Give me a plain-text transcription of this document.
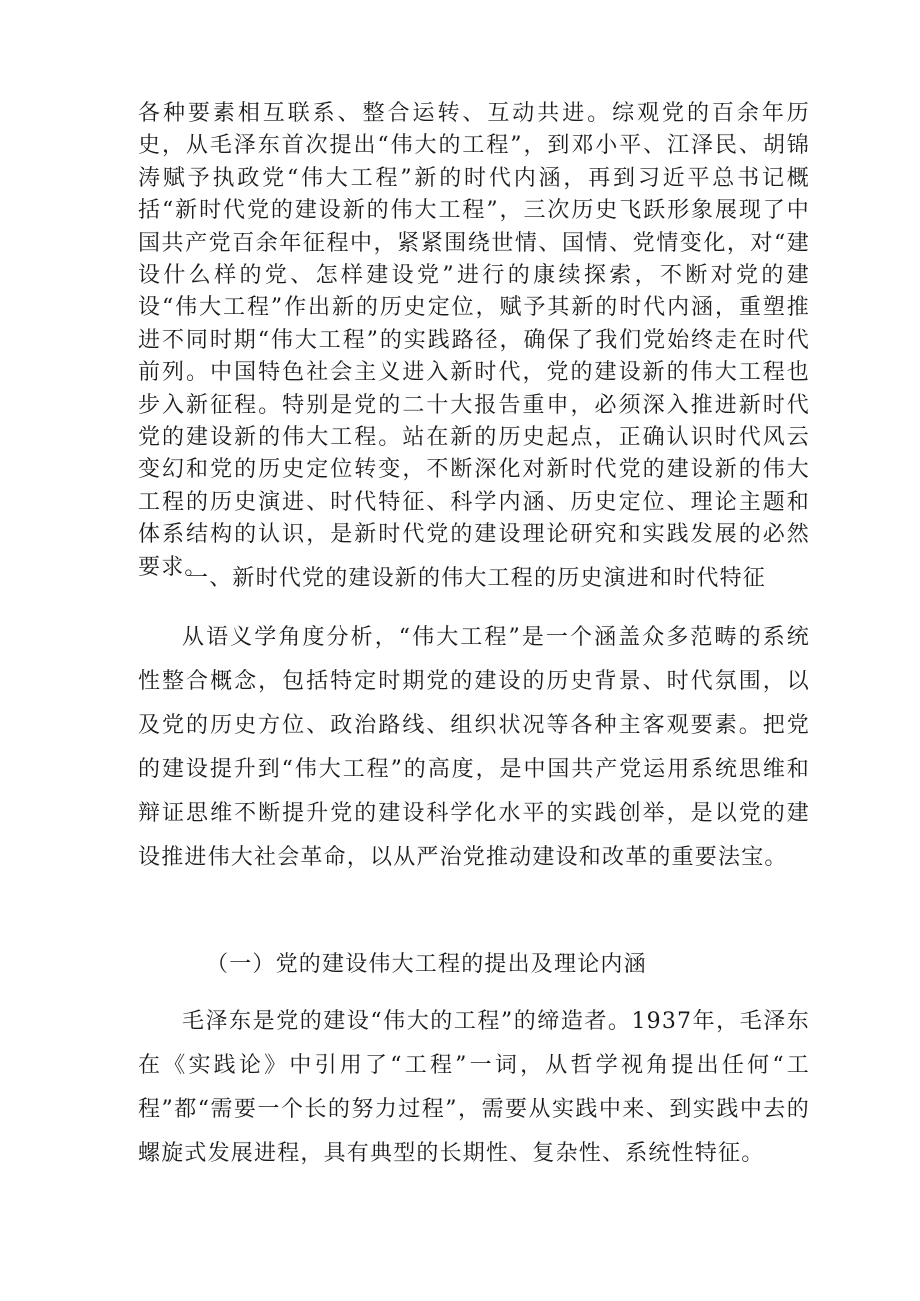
各种要素相互联系、整合运转、互动共进。综观党的百余年历史，从毛泽东首次提出“伟大的工程”，到邓小平、江泽民、胡锦涛赋予执政党“伟大工程”新的时代内涵，再到习近平总书记概括“新时代党的建设新的伟大工程”，三次历史飞跃形象展现了中国共产党百余年征程中，紧紧围绕世情、国情、党情变化，对“建设什么样的党、怎样建设党”进行的康续探索，不断对党的建设“伟大工程”作出新的历史定位，赋予其新的时代内涵，重塑推进不同时期“伟大工程”的实践路径，确保了我们党始终走在时代前列。中国特色社会主义进入新时代，党的建设新的伟大工程也步入新征程。特别是党的二十大报告重申，必须深入推进新时代党的建设新的伟大工程。站在新的历史起点，正确认识时代风云变幻和党的历史定位转变，不断深化对新时代党的建设新的伟大工程的历史演进、时代特征、科学内涵、历史定位、理论主题和体系结构的认识，是新时代党的建设理论研究和实践发展的必然要求。

一、新时代党的建设新的伟大工程的历史演进和时代特征

从语义学角度分析，“伟大工程”是一个涵盖众多范畴的系统性整合概念，包括特定时期党的建设的历史背景、时代氛围，以及党的历史方位、政治路线、组织状况等各种主客观要素。把党的建设提升到“伟大工程”的高度，是中国共产党运用系统思维和辩证思维不断提升党的建设科学化水平的实践创举，是以党的建设推进伟大社会革命，以从严治党推动建设和改革的重要法宝。

（一）党的建设伟大工程的提出及理论内涵

毛泽东是党的建设“伟大的工程”的缔造者。1937年，毛泽东在《实践论》中引用了“工程”一词，从哲学视角提出任何“工程”都“需要一个长的努力过程”，需要从实践中来、到实践中去的螺旋式发展进程，具有典型的长期性、复杂性、系统性特征。
